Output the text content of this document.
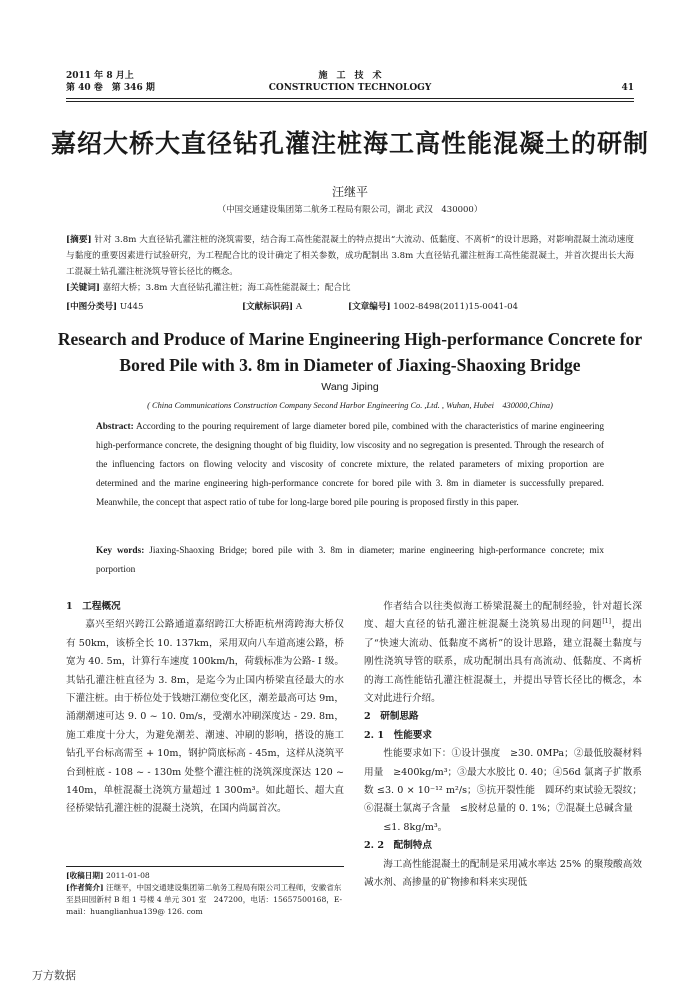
2011 年 8 月上
第 40 卷　第 346 期
施　工　技　术
CONSTRUCTION TECHNOLOGY	41
嘉绍大桥大直径钻孔灌注桩海工高性能混凝土的研制
汪继平
（中国交通建设集团第二航务工程局有限公司，湖北 武汉　430000）
[摘要] 针对 3.8m 大直径钻孔灌注桩的浇筑需要，结合海工高性能混凝土的特点提出“大流动、低黏度、不离析”的设计思路，对影响混凝土流动速度与黏度的重要因素进行试验研究，为工程配合比的设计确定了相关参数，成功配制出 3.8m 大直径钻孔灌注桩海工高性能混凝土，并首次提出长大海工混凝土钻孔灌注桩浇筑导管长径比的概念。
[关键词] 嘉绍大桥；3.8m 大直径钻孔灌注桩；海工高性能混凝土；配合比
[中图分类号] U445	[文献标识码] A	[文章编号] 1002-8498(2011)15-0041-04
Research and Produce of Marine Engineering High-performance Concrete for Bored Pile with 3. 8m in Diameter of Jiaxing-Shaoxing Bridge
Wang Jiping
( China Communications Construction Company Second Harbor Engineering Co. ,Ltd. , Wuhan, Hubei　430000,China)
Abstract: According to the pouring requirement of large diameter bored pile, combined with the characteristics of marine engineering high-performance concrete, the designing thought of big fluidity, low viscosity and no segregation is presented. Through the research of the influencing factors on flowing velocity and viscosity of concrete mixture, the related parameters of mixing proportion are determined and the marine engineering high-performance concrete for bored pile with 3. 8m in diameter is successfully prepared. Meanwhile, the concept that aspect ratio of tube for long-large bored pile pouring is proposed firstly in this paper.
Key words: Jiaxing-Shaoxing Bridge; bored pile with 3. 8m in diameter; marine engineering high-performance concrete; mix porportion
1　工程概况

嘉兴至绍兴跨江公路通道嘉绍跨江大桥距杭州湾跨海大桥仅有 50km，该桥全长 10. 137km，采用双向八车道高速公路，桥宽为 40. 5m，计算行车速度 100km/h，荷载标准为公路- Ⅰ 级。其钻孔灌注桩直径为 3. 8m，是迄今为止国内桥梁直径最大的水下灌注桩。由于桥位处于钱塘江潮位变化区，潮差最高可达 9m，涌潮潮速可达 9. 0 ~ 10. 0m/s，受潮水冲刷深度达 - 29. 8m，施工难度十分大，为避免潮差、潮速、冲刷的影响，搭设的施工钻孔平台标高需至 + 10m，钢护筒底标高 - 45m，这样从浇筑平台到桩底 - 108 ~ - 130m 处整个灌注桩的浇筑深度深达 120 ~ 140m，单桩混凝土浇筑方量超过 1 300m³。如此超长、超大直径桥梁钻孔灌注桩的混凝土浇筑，在国内尚属首次。

作者结合以往类似海工桥梁混凝土的配制经验，针对超长深度、超大直径的钻孔灌注桩混凝土浇筑易出现的问题[1]，提出了“快速大流动、低黏度不离析”的设计思路，建立混凝土黏度与刚性浇筑导管的联系，成功配制出具有高流动、低黏度、不离析的海工高性能钻孔灌注桩混凝土，并提出导管长径比的概念，本文对此进行介绍。

2　研制思路

2. 1　性能要求

性能要求如下：①设计强度　≥30. 0MPa；②最低胶凝材料用量　≥400kg/m³；③最大水胶比 0. 40；④56d 氯离子扩散系数 ≤3. 0 × 10⁻¹² m²/s；⑤抗开裂性能　圆环约束试验无裂纹；⑥混凝土氯离子含量　≤胶材总量的 0. 1%；⑦混凝土总碱含量

≤1. 8kg/m³。

2. 2　配制特点

海工高性能混凝土的配制是采用减水率达 25% 的聚羧酸高效减水剂、高掺量的矿物掺和料来实现低

[收稿日期] 2011-01-08
[作者简介] 汪继平，中国交通建设集团第二航务工程局有限公司工程师，安徽省东至县田园新村 B 组 1 号楼 4 单元 301 室　247200，电话：15657500168，E-mail：huanglianhua139@ 126. com
万方数据
